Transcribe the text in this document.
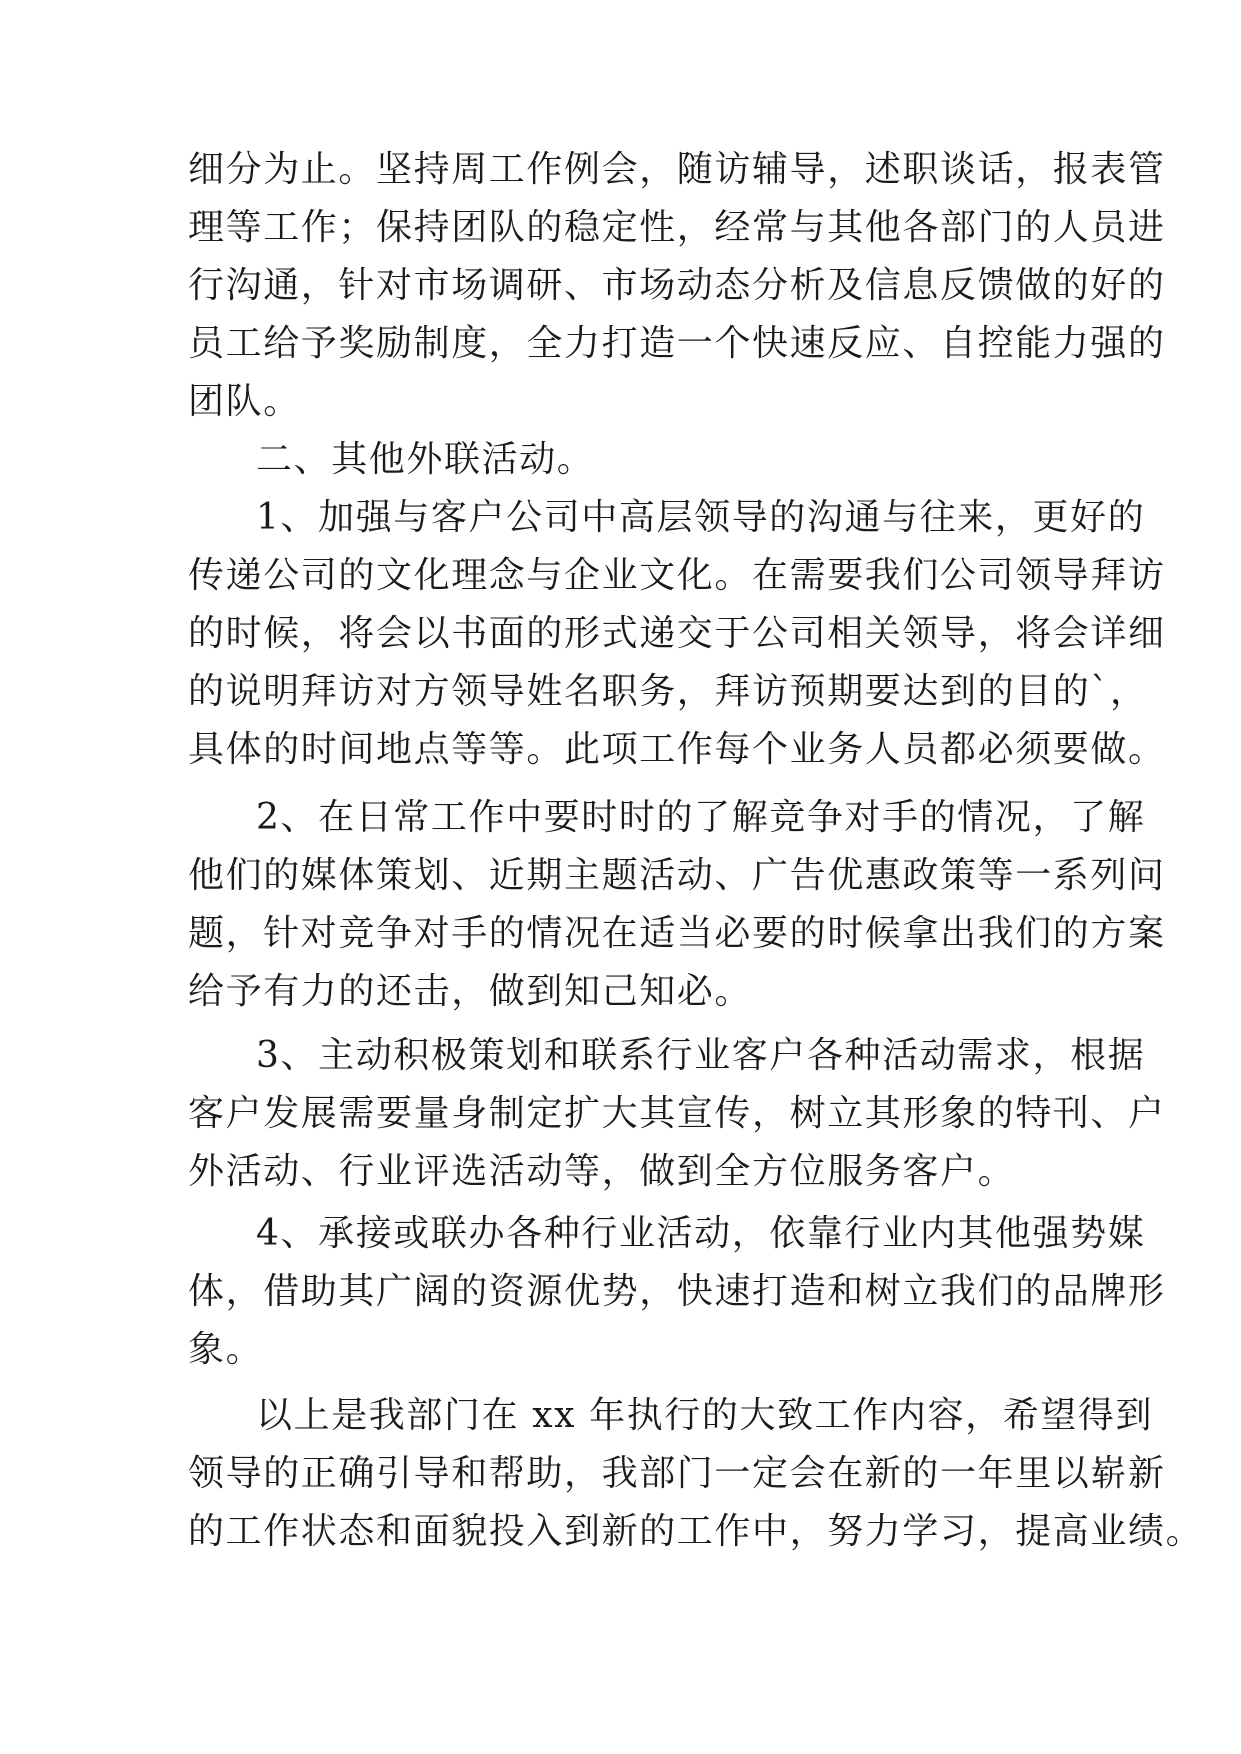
细分为止。坚持周工作例会，随访辅导，述职谈话，报表管

理等工作；保持团队的稳定性，经常与其他各部门的人员进

行沟通，针对市场调研、市场动态分析及信息反馈做的好的

员工给予奖励制度，全力打造一个快速反应、自控能力强的

团队。

二、其他外联活动。

1、加强与客户公司中高层领导的沟通与往来，更好的

传递公司的文化理念与企业文化。在需要我们公司领导拜访

的时候，将会以书面的形式递交于公司相关领导，将会详细

的说明拜访对方领导姓名职务，拜访预期要达到的目的`，

具体的时间地点等等。此项工作每个业务人员都必须要做。

2、在日常工作中要时时的了解竞争对手的情况，了解

他们的媒体策划、近期主题活动、广告优惠政策等一系列问

题，针对竞争对手的情况在适当必要的时候拿出我们的方案

给予有力的还击，做到知己知必。

3、主动积极策划和联系行业客户各种活动需求，根据

客户发展需要量身制定扩大其宣传，树立其形象的特刊、户

外活动、行业评选活动等，做到全方位服务客户。

4、承接或联办各种行业活动，依靠行业内其他强势媒

体，借助其广阔的资源优势，快速打造和树立我们的品牌形

象。

以上是我部门在 xx 年执行的大致工作内容，希望得到

领导的正确引导和帮助，我部门一定会在新的一年里以崭新

的工作状态和面貌投入到新的工作中，努力学习，提高业绩。
